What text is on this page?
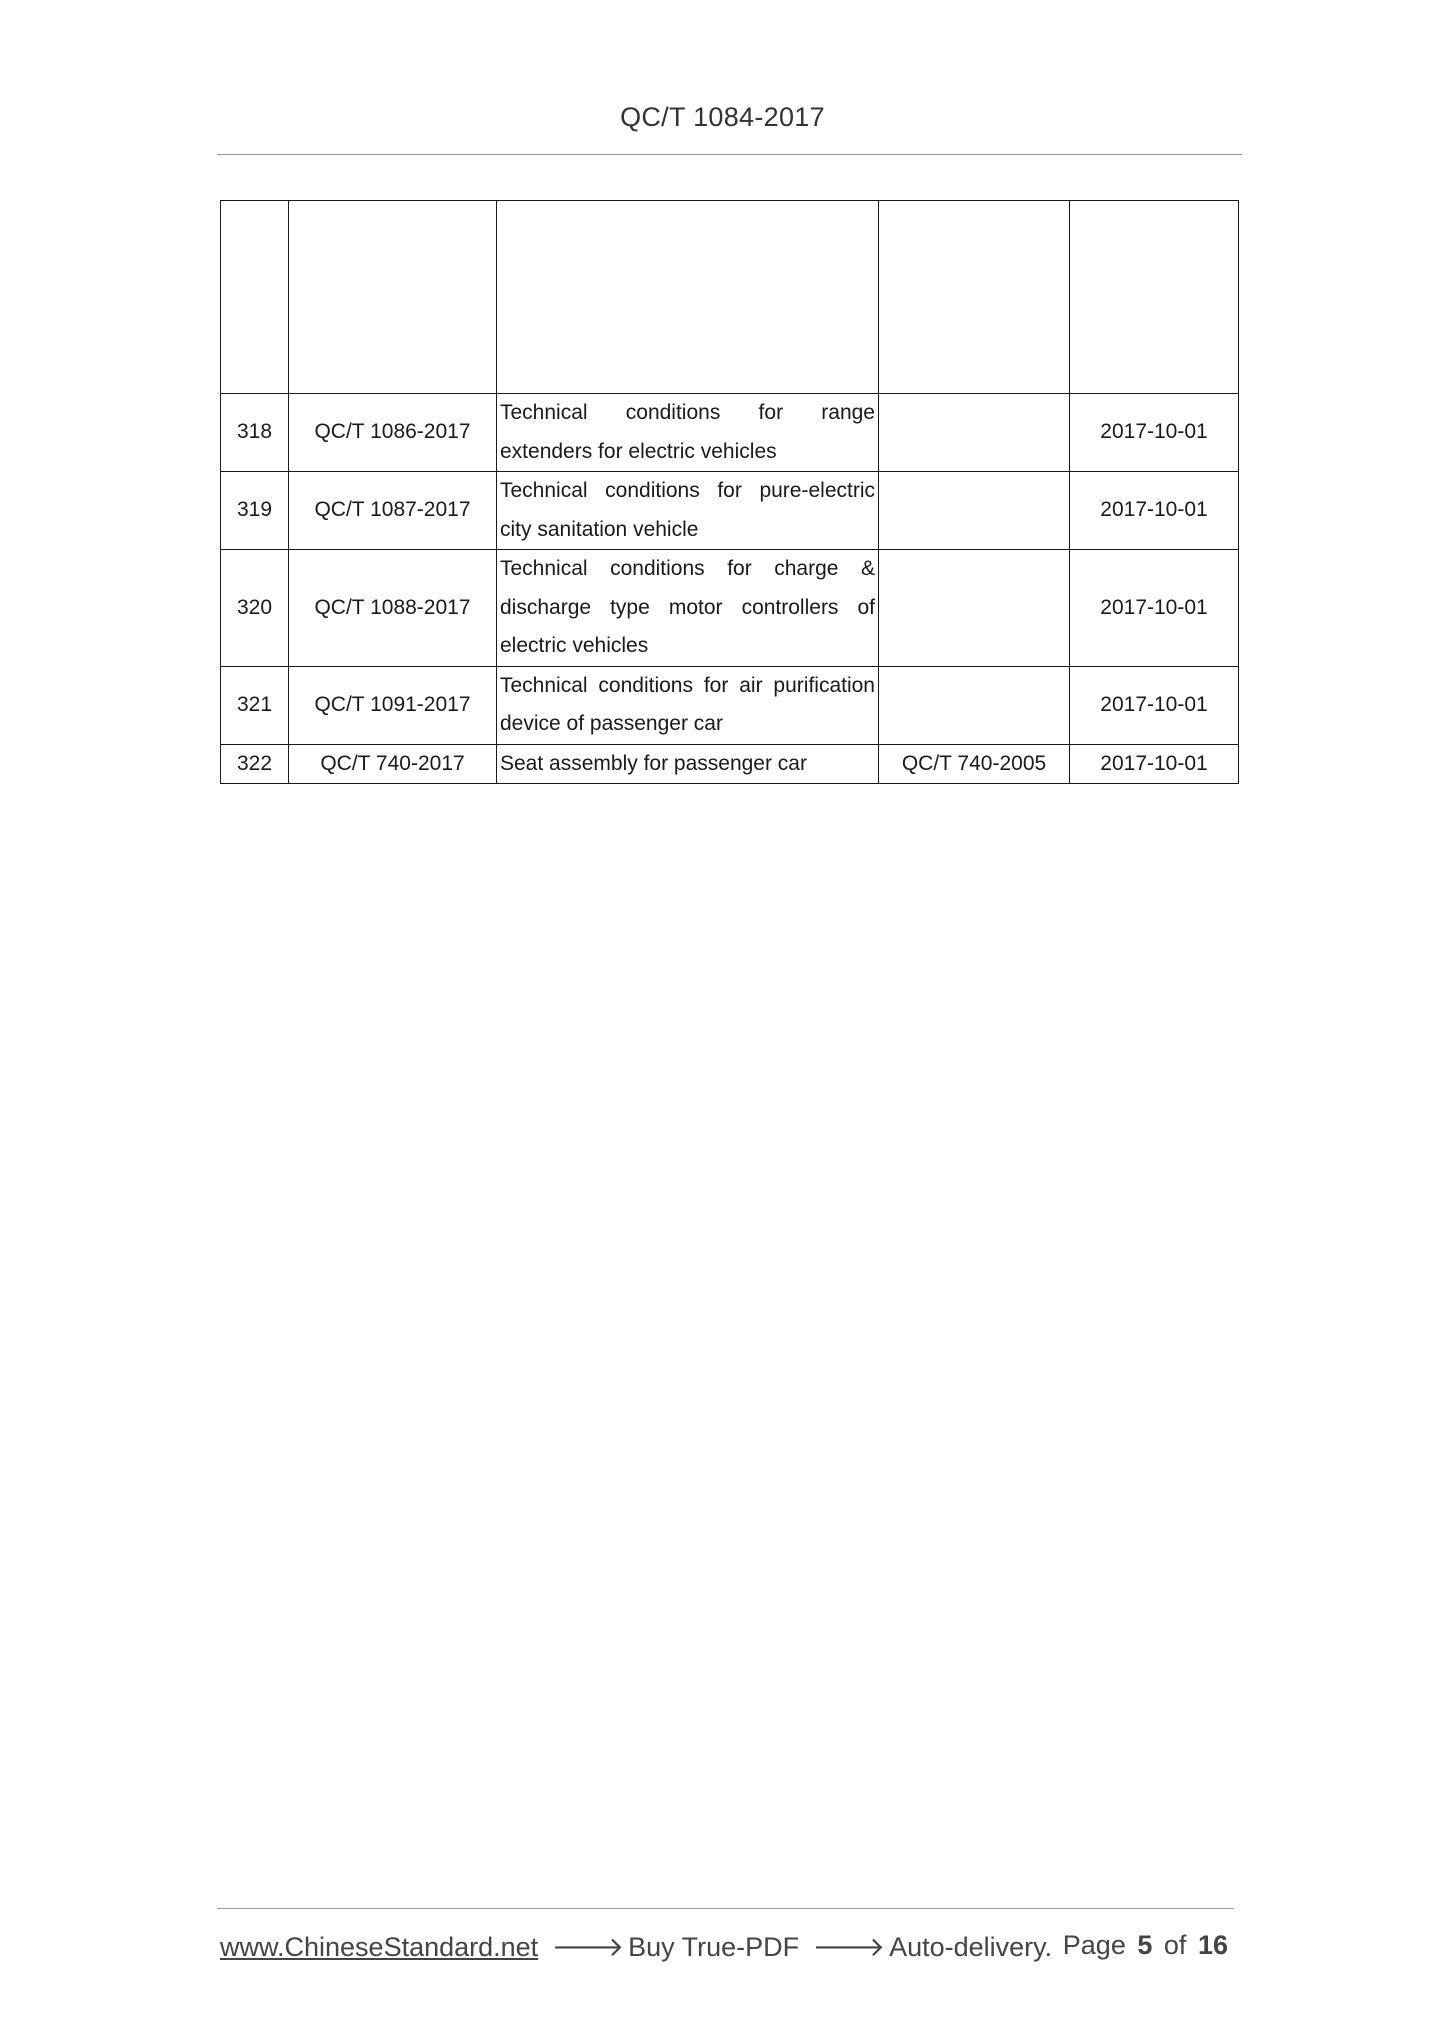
QC/T 1084-2017

318	QC/T 1086-2017	Technical conditions for range extenders for electric vehicles		2017-10-01
319	QC/T 1087-2017	Technical conditions for pure-electric city sanitation vehicle		2017-10-01
320	QC/T 1088-2017	Technical conditions for charge & discharge type motor controllers of electric vehicles		2017-10-01
321	QC/T 1091-2017	Technical conditions for air purification device of passenger car		2017-10-01
322	QC/T 740-2017	Seat assembly for passenger car	QC/T 740-2005	2017-10-01
www.ChineseStandard.net 🡒 Buy True-PDF 🡒 Auto-delivery. Page 5 of 16
